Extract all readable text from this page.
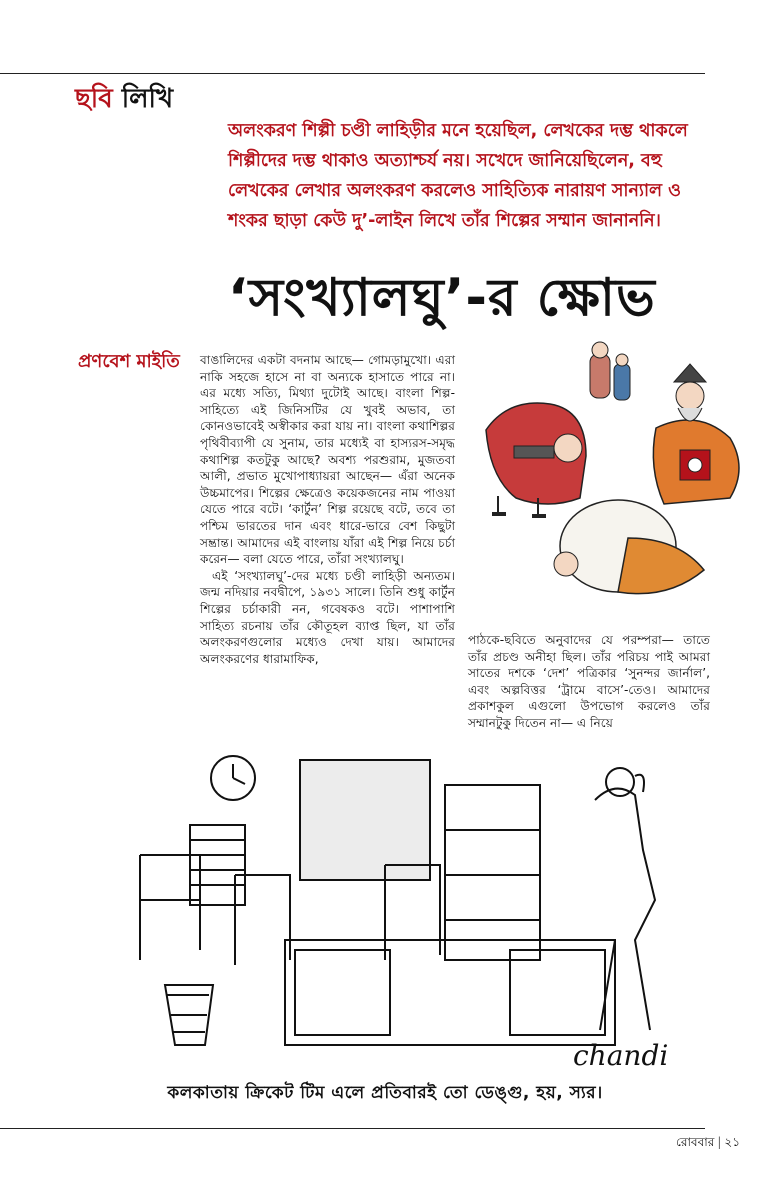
ছবি লিখি
অলংকরণ শিল্পী চণ্ডী লাহিড়ীর মনে হয়েছিল, লেখকের দম্ভ থাকলে শিল্পীদের দম্ভ থাকাও অত্যাশ্চর্য নয়। সখেদে জানিয়েছিলেন, বহু লেখকের লেখার অলংকরণ করলেও সাহিত্যিক নারায়ণ সান্যাল ও শংকর ছাড়া কেউ দু’-লাইন লিখে তাঁর শিল্পের সম্মান জানাননি।
‘সংখ্যালঘু’-র ক্ষোভ
প্রণবেশ মাইতি বাঙালিদের একটা বদনাম আছে— গোমড়ামুখো। এরা নাকি সহজে হাসে না বা অন্যকে হাসাতে পারে না। এর মধ্যে সত্যি, মিথ্যা দুটোই আছে। বাংলা শিল্প-সাহিত্যে এই জিনিসটির যে খুবই অভাব, তা কোনওভাবেই অস্বীকার করা যায় না। বাংলা কথাশিল্পর পৃথিবীব্যাপী যে সুনাম, তার মধ্যেই বা হাস্যরস-সমৃদ্ধ কথাশিল্প কতটুকু আছে? অবশ্য পরশুরাম, মুজতবা আলী, প্রভাত মুখোপাধ্যায়রা আছেন— এঁরা অনেক উচ্চমাপের। শিল্পের ক্ষেত্রেও কয়েকজনের নাম পাওয়া যেতে পারে বটে। ‘কার্টুন’ শিল্প রয়েছে বটে, তবে তা পশ্চিম ভারতের দান এবং ধারে-ভারে বেশ কিছুটা সম্ভ্রান্ত। আমাদের এই বাংলায় যাঁরা এই শিল্প নিয়ে চর্চা করেন— বলা যেতে পারে, তাঁরা সংখ্যালঘু।

এই ‘সংখ্যালঘু’-দের মধ্যে চণ্ডী লাহিড়ী অন্যতম। জন্ম নদিয়ার নবদ্বীপে, ১৯৩১ সালে। তিনি শুধু কার্টুন শিল্পের চর্চাকারী নন, গবেষকও বটে। পাশাপাশি সাহিত্য রচনায় তাঁর কৌতূহল ব্যাপ্ত ছিল, যা তাঁর অলংকরণগুলোর মধ্যেও দেখা যায়। আমাদের অলংকরণের ধারামাফিক,

পাঠকে-ছবিতে অনুবাদের যে পরম্পরা— তাতে তাঁর প্রচণ্ড অনীহা ছিল। তাঁর পরিচয় পাই আমরা সাতের দশকে ‘দেশ’ পত্রিকার ‘সুনন্দর জার্নাল’, এবং অল্পবিত্তর ‘ট্রামে বাসে’-তেও। আমাদের প্রকাশকুল এগুলো উপভোগ করলেও তাঁর সম্মানটুকু দিতেন না— এ নিয়ে
chandi
কলকাতায় ক্রিকেট টিম এলে প্রতিবারই তো ডেঙ্গু, হয়, স্যর।
রোববার | ২১
